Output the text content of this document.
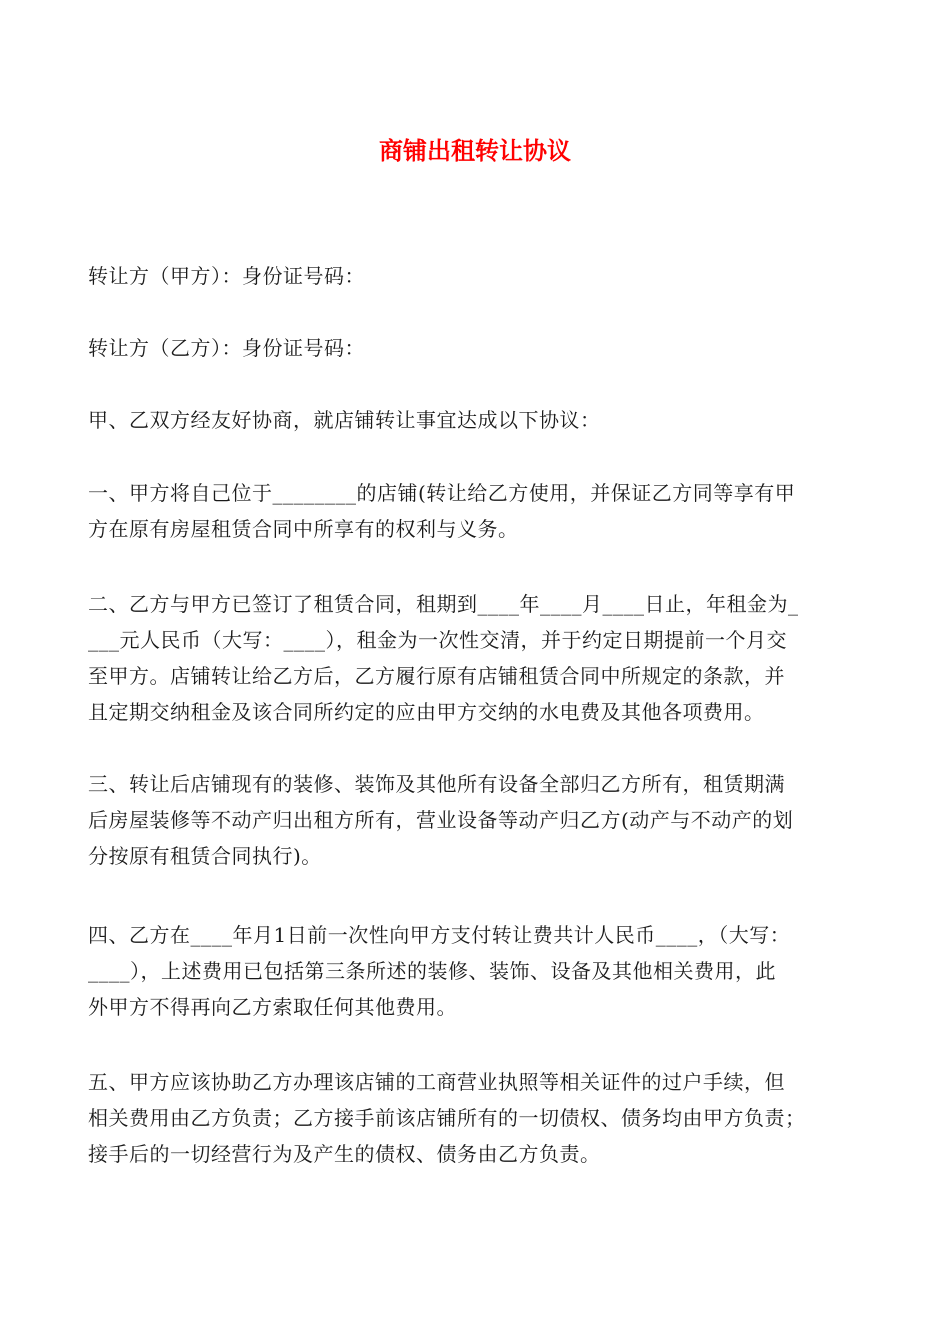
商铺出租转让协议

转让方（甲方）：身份证号码：

转让方（乙方）：身份证号码：

甲、乙双方经友好协商，就店铺转让事宜达成以下协议：

一、甲方将自己位于________的店铺(转让给乙方使用，并保证乙方同等享有甲
方在原有房屋租赁合同中所享有的权利与义务。

二、乙方与甲方已签订了租赁合同，租期到____年____月____日止，年租金为_
___元人民币（大写：____），租金为一次性交清，并于约定日期提前一个月交
至甲方。店铺转让给乙方后，乙方履行原有店铺租赁合同中所规定的条款，并
且定期交纳租金及该合同所约定的应由甲方交纳的水电费及其他各项费用。

三、转让后店铺现有的装修、装饰及其他所有设备全部归乙方所有，租赁期满
后房屋装修等不动产归出租方所有，营业设备等动产归乙方(动产与不动产的划
分按原有租赁合同执行)。

四、乙方在____年月1日前一次性向甲方支付转让费共计人民币____，（大写：
____），上述费用已包括第三条所述的装修、装饰、设备及其他相关费用，此
外甲方不得再向乙方索取任何其他费用。

五、甲方应该协助乙方办理该店铺的工商营业执照等相关证件的过户手续，但
相关费用由乙方负责；乙方接手前该店铺所有的一切债权、债务均由甲方负责；
接手后的一切经营行为及产生的债权、债务由乙方负责。
